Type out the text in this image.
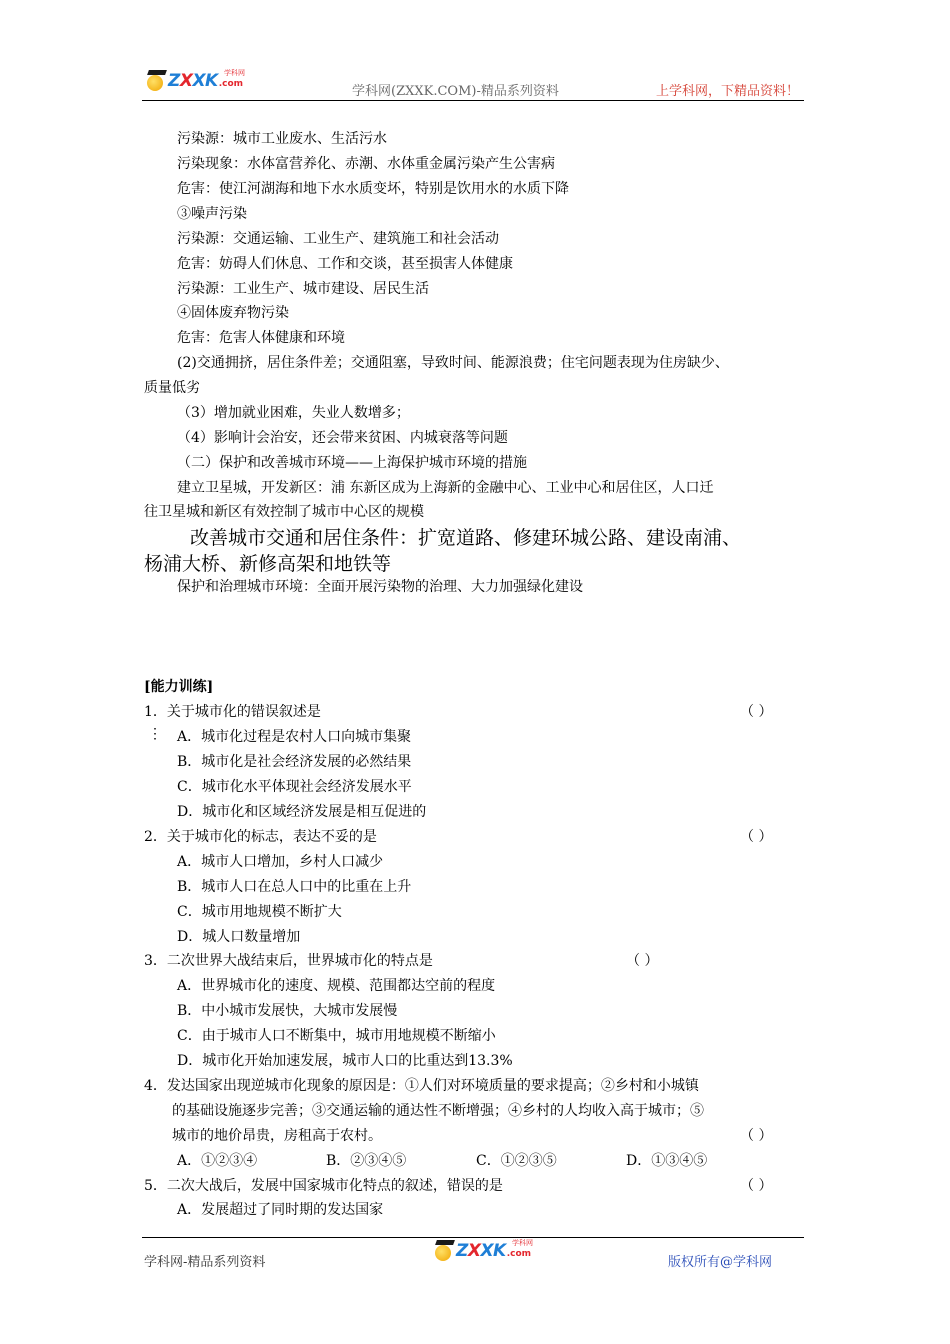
ZXXK .com
学科网
学科网(ZXXK.COM)-精品系列资料	上学科网，下精品资料！
污染源：城市工业废水、生活污水
污染现象：水体富营养化、赤潮、水体重金属污染产生公害病
危害：使江河湖海和地下水水质变坏，特别是饮用水的水质下降
③噪声污染
污染源：交通运输、工业生产、建筑施工和社会活动
危害：妨碍人们休息、工作和交谈，甚至损害人体健康
污染源：工业生产、城市建设、居民生活
④固体废弃物污染
危害：危害人体健康和环境
(2)交通拥挤，居住条件差；交通阻塞，导致时间、能源浪费；住宅问题表现为住房缺少、
质量低劣
（3）增加就业困难，失业人数增多；
（4）影响计会治安，还会带来贫困、内城衰落等问题
（二）保护和改善城市环境——上海保护城市环境的措施
建立卫星城，开发新区：浦 东新区成为上海新的金融中心、工业中心和居住区，人口迁
往卫星城和新区有效控制了城市中心区的规模
改善城市交通和居住条件：扩宽道路、修建环城公路、建设南浦、
杨浦大桥、新修高架和地铁等
保护和治理城市环境：全面开展污染物的治理、大力加强绿化建设
[能力训练]
1．关于城市化的错误叙述是	（ ）
⋮ A．城市化过程是农村人口向城市集聚
B．城市化是社会经济发展的必然结果
C．城市化水平体现社会经济发展水平
D．城市化和区域经济发展是相互促进的
2．关于城市化的标志，表达不妥的是	（ ）
A．城市人口增加，乡村人口减少
B．城市人口在总人口中的比重在上升
C．城市用地规模不断扩大
D．城人口数量增加
3．二次世界大战结束后，世界城市化的特点是	（ ）
A．世界城市化的速度、规模、范围都达空前的程度
B．中小城市发展快，大城市发展慢
C．由于城市人口不断集中，城市用地规模不断缩小
D．城市化开始加速发展，城市人口的比重达到13.3%
4．发达国家出现逆城市化现象的原因是：①人们对环境质量的要求提高；②乡村和小城镇
的基础设施逐步完善；③交通运输的通达性不断增强；④乡村的人均收入高于城市；⑤
城市的地价昂贵，房租高于农村。	（ ）
A．①②③④	B．②③④⑤	C．①②③⑤	D．①③④⑤
5．二次大战后，发展中国家城市化特点的叙述，错误的是	（ ）
A．发展超过了同时期的发达国家
学科网-精品系列资料
ZXXK .com
学科网
版权所有@学科网
